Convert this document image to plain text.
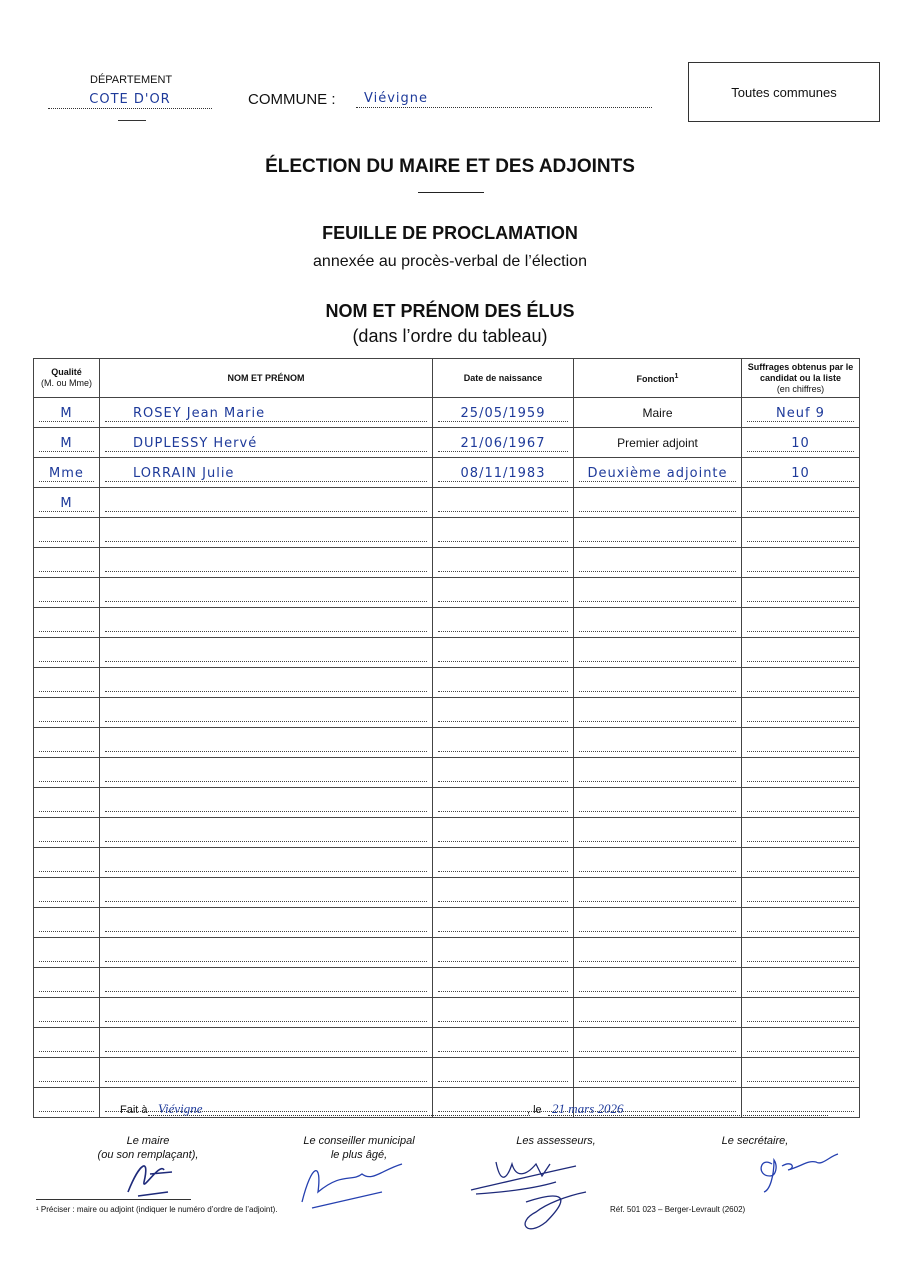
DÉPARTEMENT
COTE D'OR	COMMUNE :	Viévigne	Toutes communes
ÉLECTION DU MAIRE ET DES ADJOINTS
FEUILLE DE PROCLAMATION
annexée au procès-verbal de l’élection
NOM ET PRÉNOM DES ÉLUS
(dans l’ordre du tableau)
Qualité
(M. ou Mme)	NOM ET PRÉNOM	Date de naissance	Fonction$^1$	Suffrages obtenus par le candidat ou la liste
(en chiffres)

M	ROSEY Jean Marie	25/05/1959	Maire	Neuf 9

M	DUPLESSY Hervé	21/06/1967	Premier adjoint	10

Mme	LORRAIN Julie	08/11/1983	Deuxième adjointe	10

M				

Fait à Viévigne	, le 21 mars 2026
Le maire
(ou son remplaçant),
Le conseiller municipal
le plus âgé,
Les assesseurs,	Le secrétaire,
¹ Préciser : maire ou adjoint (indiquer le numéro d’ordre de l’adjoint).	Réf. 501 023 – Berger-Levrault (2602)
